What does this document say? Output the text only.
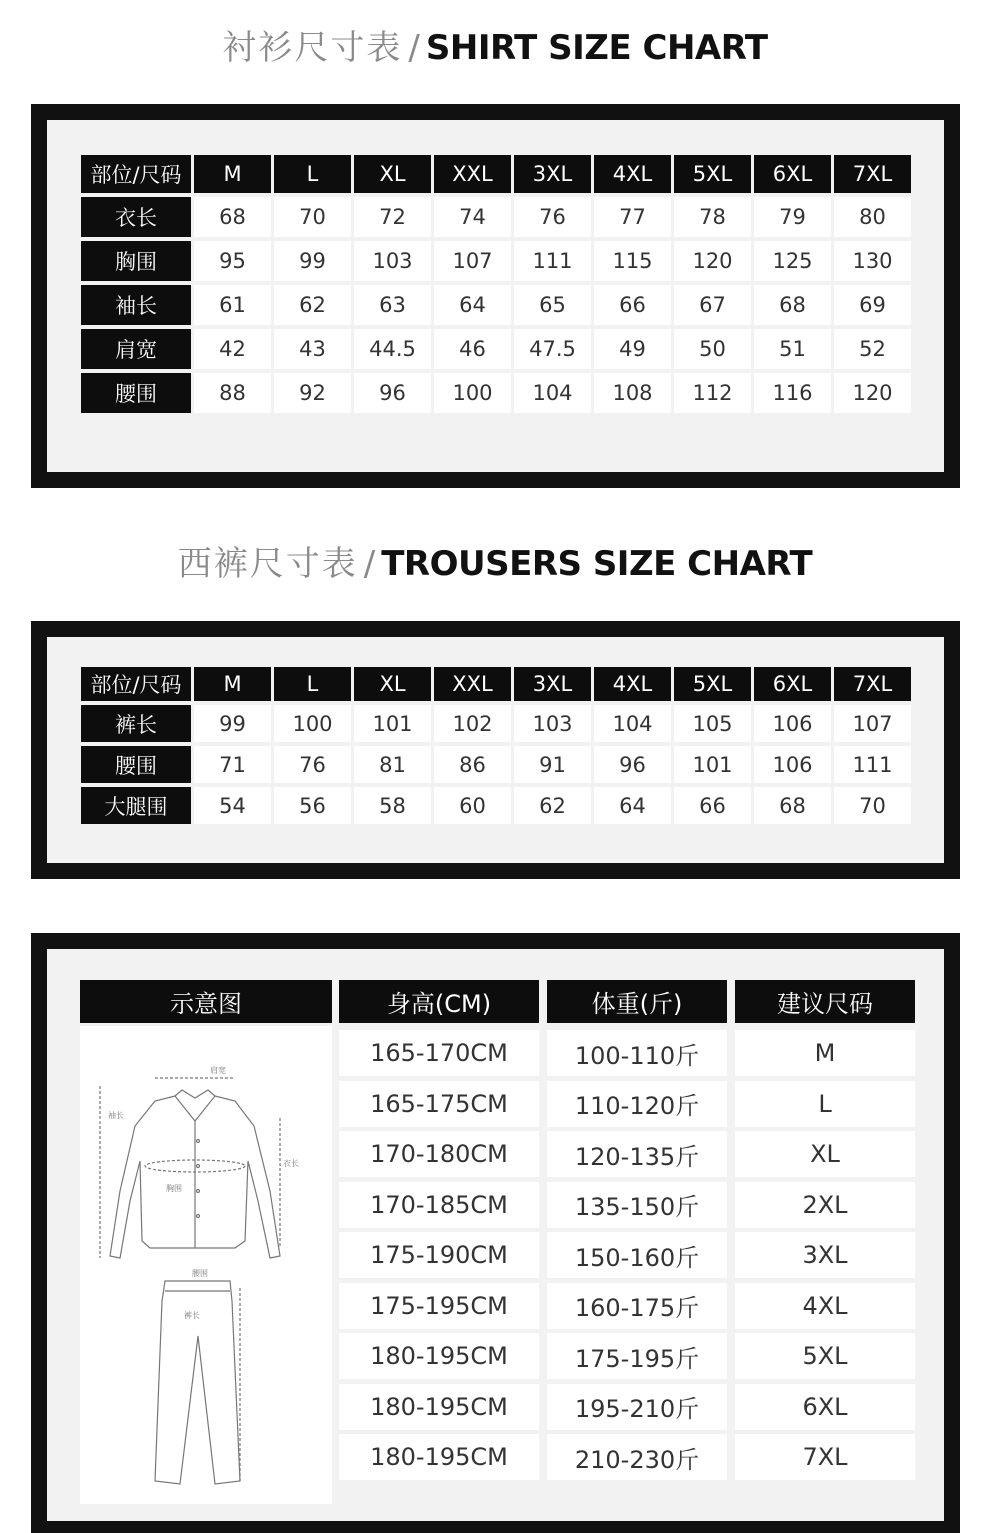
衬衫尺寸表 / SHIRT SIZE CHART
部位/尺码	M	L	XL	XXL	3XL	4XL	5XL	6XL	7XL
衣长	68	70	72	74	76	77	78	79	80
胸围	95	99	103	107	111	115	120	125	130
袖长	61	62	63	64	65	66	67	68	69
肩宽	42	43	44.5	46	47.5	49	50	51	52
腰围	88	92	96	100	104	108	112	116	120
西裤尺寸表 / TROUSERS SIZE CHART
部位/尺码	M	L	XL	XXL	3XL	4XL	5XL	6XL	7XL
裤长	99	100	101	102	103	104	105	106	107
腰围	71	76	81	86	91	96	101	106	111
大腿围	54	56	58	60	62	64	66	68	70
示意图	身高(CM)	体重(斤)	建议尺码
肩宽
胸围
衣长
袖长
腰围
裤长
165-170CM	100-110斤	M
165-175CM	110-120斤	L
170-180CM	120-135斤	XL
170-185CM	135-150斤	2XL
175-190CM	150-160斤	3XL
175-195CM	160-175斤	4XL
180-195CM	175-195斤	5XL
180-195CM	195-210斤	6XL
180-195CM	210-230斤	7XL
